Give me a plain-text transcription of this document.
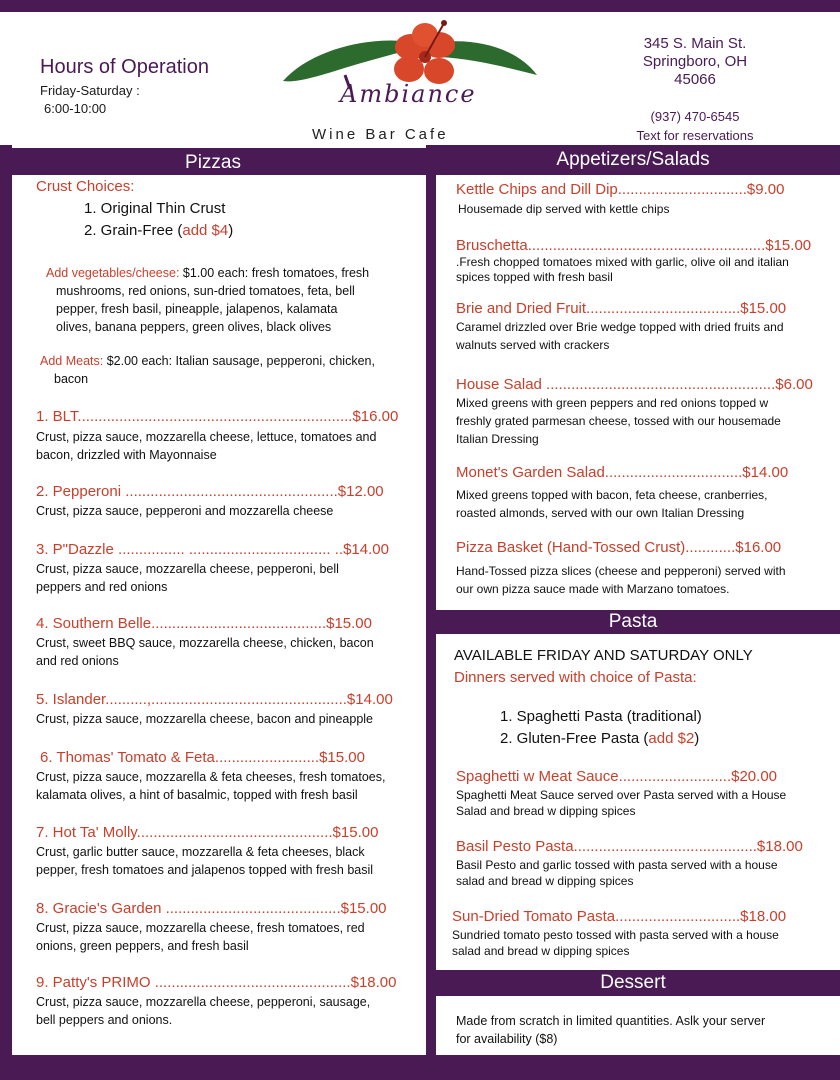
Hours of Operation
Friday-Saturday :
6:00-10:00
Ambiance
Wine Bar Cafe
345 S. Main St.
Springboro, OH
45066
(937) 470-6545
Text for reservations
Pizzas	Appetizers/Salads
Pasta
Dessert
Crust Choices:
1. Original Thin Crust
2. Grain-Free (add $4)
Add vegetables/cheese: $1.00 each: fresh tomatoes, fresh
mushrooms, red onions, sun-dried tomatoes, feta, bell
pepper, fresh basil, pineapple, jalapenos, kalamata
olives, banana peppers, green olives, black olives
Add Meats: $2.00 each: Italian sausage, pepperoni, chicken,
bacon
1. BLT..................................................................$16.00
Crust, pizza sauce, mozzarella cheese, lettuce, tomatoes and
bacon, drizzled with Mayonnaise
2. Pepperoni ...................................................$12.00
Crust, pizza sauce, pepperoni and mozzarella cheese
3. P"Dazzle ................ .................................. ..$14.00
Crust, pizza sauce, mozzarella cheese, pepperoni, bell
peppers and red onions
4. Southern Belle..........................................$15.00
Crust, sweet BBQ sauce, mozzarella cheese, chicken, bacon
and red onions
5. Islander..........,...............................................$14.00
Crust, pizza sauce, mozzarella cheese, bacon and pineapple
6. Thomas' Tomato & Feta.........................$15.00
Crust, pizza sauce, mozzarella & feta cheeses, fresh tomatoes,
kalamata olives, a hint of basalmic, topped with fresh basil
7. Hot Ta' Molly...............................................$15.00
Crust, garlic butter sauce, mozzarella & feta cheeses, black
pepper, fresh tomatoes and jalapenos topped with fresh basil
8. Gracie's Garden ..........................................$15.00
Crust, pizza sauce, mozzarella cheese, fresh tomatoes, red
onions, green peppers, and fresh basil
9. Patty's PRIMO ...............................................$18.00
Crust, pizza sauce, mozzarella cheese, pepperoni, sausage,
bell peppers and onions.
Kettle Chips and Dill Dip...............................$9.00
Housemade dip served with kettle chips
Bruschetta.........................................................$15.00
.Fresh chopped tomatoes mixed with garlic, olive oil and italian
spices topped with fresh basil
Brie and Dried Fruit.....................................$15.00
Caramel drizzled over Brie wedge topped with dried fruits and
walnuts served with crackers
House Salad .......................................................$6.00
Mixed greens with green peppers and red onions topped w
freshly grated parmesan cheese, tossed with our housemade
Italian Dressing
Monet's Garden Salad.................................$14.00
Mixed greens topped with bacon, feta cheese, cranberries,
roasted almonds, served with our own Italian Dressing
Pizza Basket (Hand-Tossed Crust)............$16.00
Hand-Tossed pizza slices (cheese and pepperoni) served with
our own pizza sauce made with Marzano tomatoes.
AVAILABLE FRIDAY AND SATURDAY ONLY
Dinners served with choice of Pasta:
1. Spaghetti Pasta (traditional)
2. Gluten-Free Pasta (add $2)
Spaghetti w Meat Sauce...........................$20.00
Spaghetti Meat Sauce served over Pasta served with a House
Salad and bread w dipping spices
Basil Pesto Pasta............................................$18.00
Basil Pesto and garlic tossed with pasta served with a house
salad and bread w dipping spices
Sun-Dried Tomato Pasta..............................$18.00
Sundried tomato pesto tossed with pasta served with a house
salad and bread w dipping spices
Made from scratch in limited quantities. Aslk your server
for availability ($8)
